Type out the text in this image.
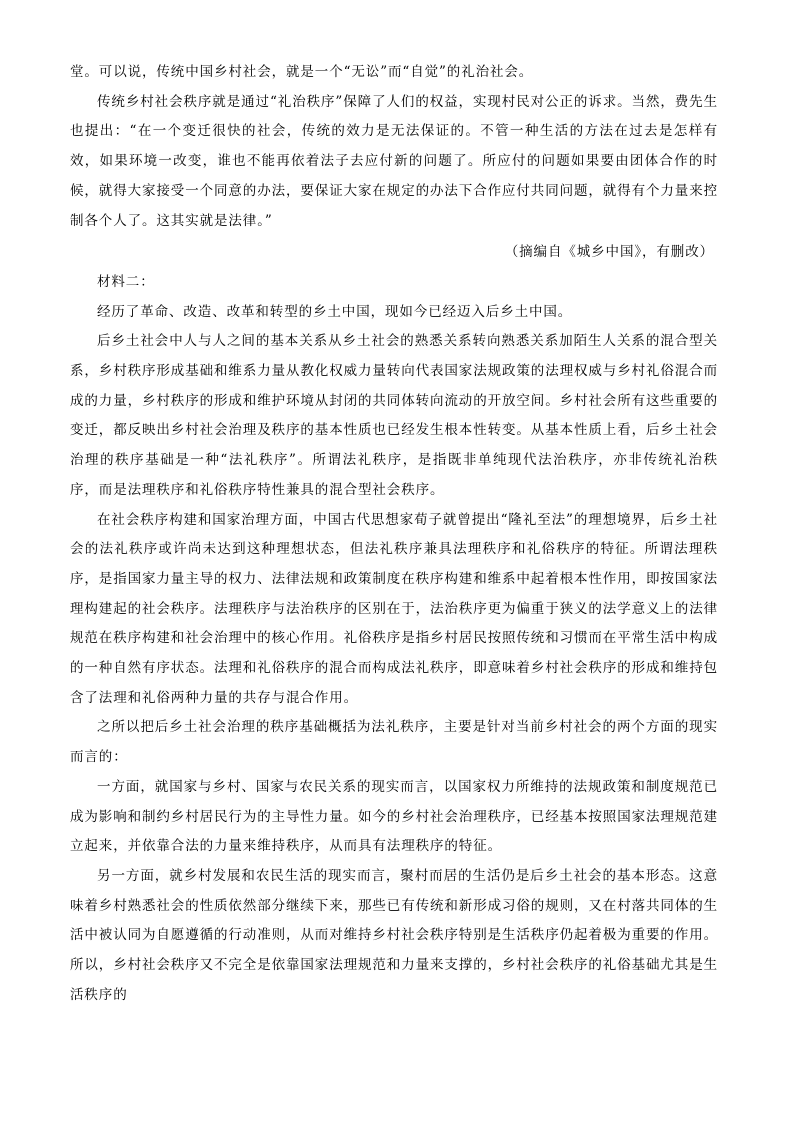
堂。可以说，传统中国乡村社会，就是一个“无讼”而“自觉”的礼治社会。

传统乡村社会秩序就是通过“礼治秩序”保障了人们的权益，实现村民对公正的诉求。当然，费先生也提出：“在一个变迁很快的社会，传统的效力是无法保证的。不管一种生活的方法在过去是怎样有效，如果环境一改变，谁也不能再依着法子去应付新的问题了。所应付的问题如果要由团体合作的时候，就得大家接受一个同意的办法，要保证大家在规定的办法下合作应付共同问题，就得有个力量来控制各个人了。这其实就是法律。”

（摘编自《城乡中国》，有删改）

材料二：

经历了革命、改造、改革和转型的乡土中国，现如今已经迈入后乡土中国。

后乡土社会中人与人之间的基本关系从乡土社会的熟悉关系转向熟悉关系加陌生人关系的混合型关系，乡村秩序形成基础和维系力量从教化权威力量转向代表国家法规政策的法理权威与乡村礼俗混合而成的力量，乡村秩序的形成和维护环境从封闭的共同体转向流动的开放空间。乡村社会所有这些重要的变迁，都反映出乡村社会治理及秩序的基本性质也已经发生根本性转变。从基本性质上看，后乡土社会治理的秩序基础是一种“法礼秩序”。所谓法礼秩序，是指既非单纯现代法治秩序，亦非传统礼治秩序，而是法理秩序和礼俗秩序特性兼具的混合型社会秩序。

在社会秩序构建和国家治理方面，中国古代思想家荀子就曾提出“隆礼至法”的理想境界，后乡土社会的法礼秩序或许尚未达到这种理想状态，但法礼秩序兼具法理秩序和礼俗秩序的特征。所谓法理秩序，是指国家力量主导的权力、法律法规和政策制度在秩序构建和维系中起着根本性作用，即按国家法理构建起的社会秩序。法理秩序与法治秩序的区别在于，法治秩序更为偏重于狭义的法学意义上的法律规范在秩序构建和社会治理中的核心作用。礼俗秩序是指乡村居民按照传统和习惯而在平常生活中构成的一种自然有序状态。法理和礼俗秩序的混合而构成法礼秩序，即意味着乡村社会秩序的形成和维持包含了法理和礼俗两种力量的共存与混合作用。

之所以把后乡土社会治理的秩序基础概括为法礼秩序，主要是针对当前乡村社会的两个方面的现实而言的：

一方面，就国家与乡村、国家与农民关系的现实而言，以国家权力所维持的法规政策和制度规范已成为影响和制约乡村居民行为的主导性力量。如今的乡村社会治理秩序，已经基本按照国家法理规范建立起来，并依靠合法的力量来维持秩序，从而具有法理秩序的特征。

另一方面，就乡村发展和农民生活的现实而言，聚村而居的生活仍是后乡土社会的基本形态。这意味着乡村熟悉社会的性质依然部分继续下来，那些已有传统和新形成习俗的规则，又在村落共同体的生活中被认同为自愿遵循的行动准则，从而对维持乡村社会秩序特别是生活秩序仍起着极为重要的作用。所以，乡村社会秩序又不完全是依靠国家法理规范和力量来支撑的，乡村社会秩序的礼俗基础尤其是生活秩序的
